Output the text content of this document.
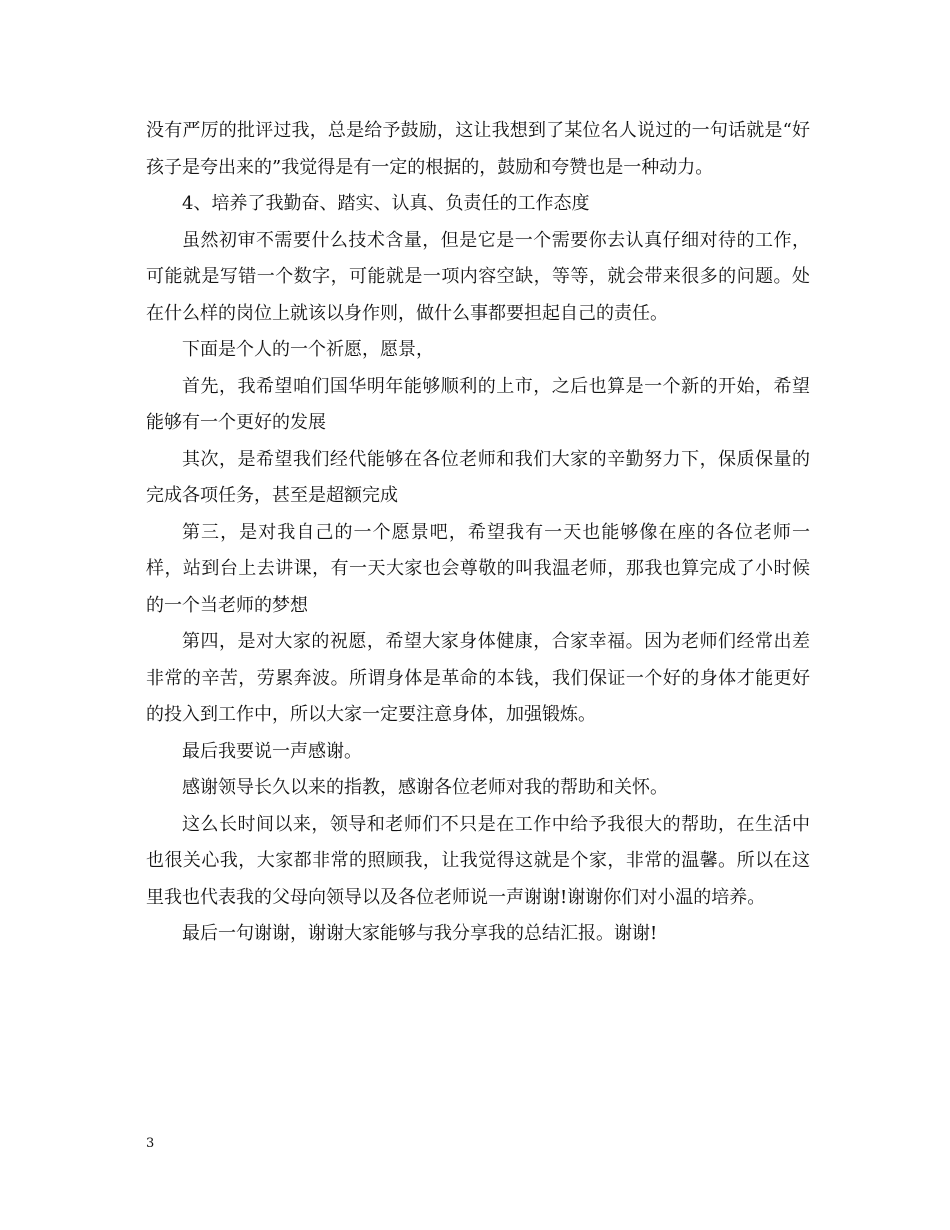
没有严厉的批评过我，总是给予鼓励，这让我想到了某位名人说过的一句话就是“好孩子是夸出来的”我觉得是有一定的根据的，鼓励和夸赞也是一种动力。

4、培养了我勤奋、踏实、认真、负责任的工作态度

虽然初审不需要什么技术含量，但是它是一个需要你去认真仔细对待的工作，可能就是写错一个数字，可能就是一项内容空缺，等等，就会带来很多的问题。处在什么样的岗位上就该以身作则，做什么事都要担起自己的责任。

下面是个人的一个祈愿，愿景，

首先，我希望咱们国华明年能够顺利的上市，之后也算是一个新的开始，希望能够有一个更好的发展

其次，是希望我们经代能够在各位老师和我们大家的辛勤努力下，保质保量的完成各项任务，甚至是超额完成

第三，是对我自己的一个愿景吧，希望我有一天也能够像在座的各位老师一样，站到台上去讲课，有一天大家也会尊敬的叫我温老师，那我也算完成了小时候的一个当老师的梦想

第四，是对大家的祝愿，希望大家身体健康，合家幸福。因为老师们经常出差非常的辛苦，劳累奔波。所谓身体是革命的本钱，我们保证一个好的身体才能更好的投入到工作中，所以大家一定要注意身体，加强锻炼。

最后我要说一声感谢。

感谢领导长久以来的指教，感谢各位老师对我的帮助和关怀。

这么长时间以来，领导和老师们不只是在工作中给予我很大的帮助，在生活中也很关心我，大家都非常的照顾我，让我觉得这就是个家，非常的温馨。所以在这里我也代表我的父母向领导以及各位老师说一声谢谢!谢谢你们对小温的培养。

最后一句谢谢，谢谢大家能够与我分享我的总结汇报。谢谢!

3
